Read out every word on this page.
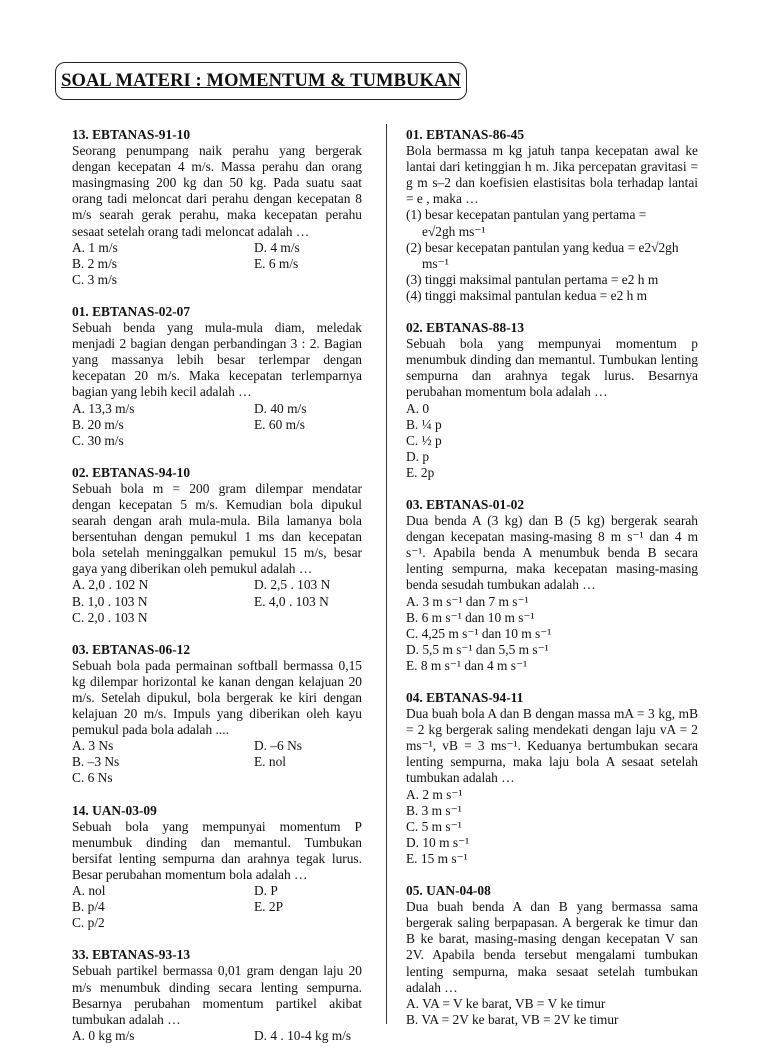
SOAL MATERI : MOMENTUM & TUMBUKAN
13. EBTANAS-91-10
Seorang penumpang naik perahu yang bergerak dengan kecepatan 4 m/s. Massa perahu dan orang masingmasing 200 kg dan 50 kg. Pada suatu saat orang tadi meloncat dari perahu dengan kecepatan 8 m/s searah gerak perahu, maka kecepatan perahu sesaat setelah orang tadi meloncat adalah …
A. 1 m/s	D. 4 m/s
B. 2 m/s	E. 6 m/s
C. 3 m/s
01. EBTANAS-02-07
Sebuah benda yang mula-mula diam, meledak menjadi 2 bagian dengan perbandingan 3 : 2. Bagian yang massanya lebih besar terlempar dengan kecepatan 20 m/s. Maka kecepatan terlemparnya bagian yang lebih kecil adalah …
A. 13,3 m/s	D. 40 m/s
B. 20 m/s	E. 60 m/s
C. 30 m/s
02. EBTANAS-94-10
Sebuah bola m = 200 gram dilempar mendatar dengan kecepatan 5 m/s. Kemudian bola dipukul searah dengan arah mula-mula. Bila lamanya bola bersentuhan dengan pemukul 1 ms dan kecepatan bola setelah meninggalkan pemukul 15 m/s, besar gaya yang diberikan oleh pemukul adalah …
A. 2,0 . 102 N	D. 2,5 . 103 N
B. 1,0 . 103 N	E. 4,0 . 103 N
C. 2,0 . 103 N
03. EBTANAS-06-12
Sebuah bola pada permainan softball bermassa 0,15 kg dilempar horizontal ke kanan dengan kelajuan 20 m/s. Setelah dipukul, bola bergerak ke kiri dengan kelajuan 20 m/s. Impuls yang diberikan oleh kayu pemukul pada bola adalah ....
A. 3 Ns	D. –6 Ns
B. –3 Ns	E. nol
C. 6 Ns
14. UAN-03-09
Sebuah bola yang mempunyai momentum P menumbuk dinding dan memantul. Tumbukan bersifat lenting sempurna dan arahnya tegak lurus. Besar perubahan momentum bola adalah …
A. nol	D. P
B. p/4	E. 2P
C. p/2
33. EBTANAS-93-13
Sebuah partikel bermassa 0,01 gram dengan laju 20 m/s menumbuk dinding secara lenting sempurna. Besarnya perubahan momentum partikel akibat tumbukan adalah …
A. 0 kg m/s	D. 4 . 10-4 kg m/s
01. EBTANAS-86-45
Bola bermassa m kg jatuh tanpa kecepatan awal ke lantai dari ketinggian h m. Jika percepatan gravitasi = g m s–2 dan koefisien elastisitas bola terhadap lantai = e , maka …
(1) besar kecepatan pantulan yang pertama =
e√2gh ms⁻¹
(2) besar kecepatan pantulan yang kedua = e2√2gh
ms⁻¹
(3) tinggi maksimal pantulan pertama = e2 h m
(4) tinggi maksimal pantulan kedua = e2 h m
02. EBTANAS-88-13
Sebuah bola yang mempunyai momentum p menumbuk dinding dan memantul. Tumbukan lenting sempurna dan arahnya tegak lurus. Besarnya perubahan momentum bola adalah …
A. 0
B. ¼ p
C. ½ p
D. p
E. 2p
03. EBTANAS-01-02
Dua benda A (3 kg) dan B (5 kg) bergerak searah dengan kecepatan masing-masing 8 m s⁻¹ dan 4 m s⁻¹. Apabila benda A menumbuk benda B secara lenting sempurna, maka kecepatan masing-masing benda sesudah tumbukan adalah …
A. 3 m s⁻¹ dan 7 m s⁻¹
B. 6 m s⁻¹ dan 10 m s⁻¹
C. 4,25 m s⁻¹ dan 10 m s⁻¹
D. 5,5 m s⁻¹ dan 5,5 m s⁻¹
E. 8 m s⁻¹ dan 4 m s⁻¹
04. EBTANAS-94-11
Dua buah bola A dan B dengan massa mA = 3 kg, mB = 2 kg bergerak saling mendekati dengan laju vA = 2 ms⁻¹, vB = 3 ms⁻¹. Keduanya bertumbukan secara lenting sempurna, maka laju bola A sesaat setelah tumbukan adalah …
A. 2 m s⁻¹
B. 3 m s⁻¹
C. 5 m s⁻¹
D. 10 m s⁻¹
E. 15 m s⁻¹
05. UAN-04-08
Dua buah benda A dan B yang bermassa sama bergerak saling berpapasan. A bergerak ke timur dan B ke barat, masing-masing dengan kecepatan V san 2V. Apabila benda tersebut mengalami tumbukan lenting sempurna, maka sesaat setelah tumbukan adalah …
A. VA = V ke barat, VB = V ke timur
B. VA = 2V ke barat, VB = 2V ke timur
